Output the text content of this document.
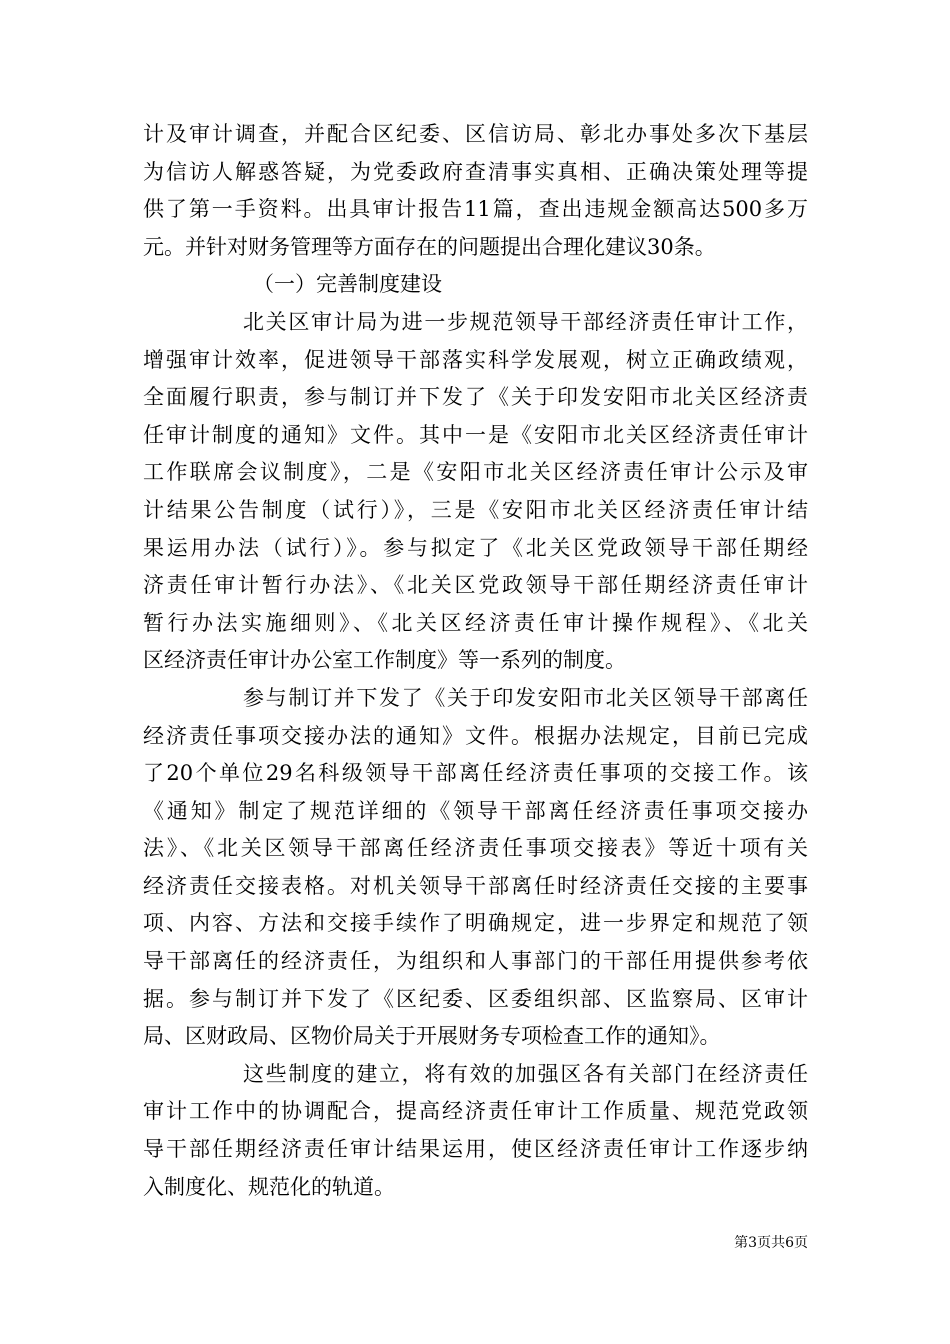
计及审计调查，并配合区纪委、区信访局、彰北办事处多次下基层
为信访人解惑答疑，为党委政府查清事实真相、正确决策处理等提
供了第一手资料。出具审计报告11篇，查出违规金额高达500多万
元。并针对财务管理等方面存在的问题提出合理化建议30条。
（一）完善制度建设
北关区审计局为进一步规范领导干部经济责任审计工作，
增强审计效率，促进领导干部落实科学发展观，树立正确政绩观，
全面履行职责，参与制订并下发了《关于印发安阳市北关区经济责
任审计制度的通知》文件。其中一是《安阳市北关区经济责任审计
工作联席会议制度》，二是《安阳市北关区经济责任审计公示及审
计结果公告制度（试行）》，三是《安阳市北关区经济责任审计结
果运用办法（试行）》。参与拟定了《北关区党政领导干部任期经
济责任审计暂行办法》、《北关区党政领导干部任期经济责任审计
暂行办法实施细则》、《北关区经济责任审计操作规程》、《北关
区经济责任审计办公室工作制度》等一系列的制度。
参与制订并下发了《关于印发安阳市北关区领导干部离任
经济责任事项交接办法的通知》文件。根据办法规定，目前已完成
了20个单位29名科级领导干部离任经济责任事项的交接工作。该
《通知》制定了规范详细的《领导干部离任经济责任事项交接办
法》、《北关区领导干部离任经济责任事项交接表》等近十项有关
经济责任交接表格。对机关领导干部离任时经济责任交接的主要事
项、内容、方法和交接手续作了明确规定，进一步界定和规范了领
导干部离任的经济责任，为组织和人事部门的干部任用提供参考依
据。参与制订并下发了《区纪委、区委组织部、区监察局、区审计
局、区财政局、区物价局关于开展财务专项检查工作的通知》。
这些制度的建立，将有效的加强区各有关部门在经济责任
审计工作中的协调配合，提高经济责任审计工作质量、规范党政领
导干部任期经济责任审计结果运用，使区经济责任审计工作逐步纳
入制度化、规范化的轨道。
第3页共6页
